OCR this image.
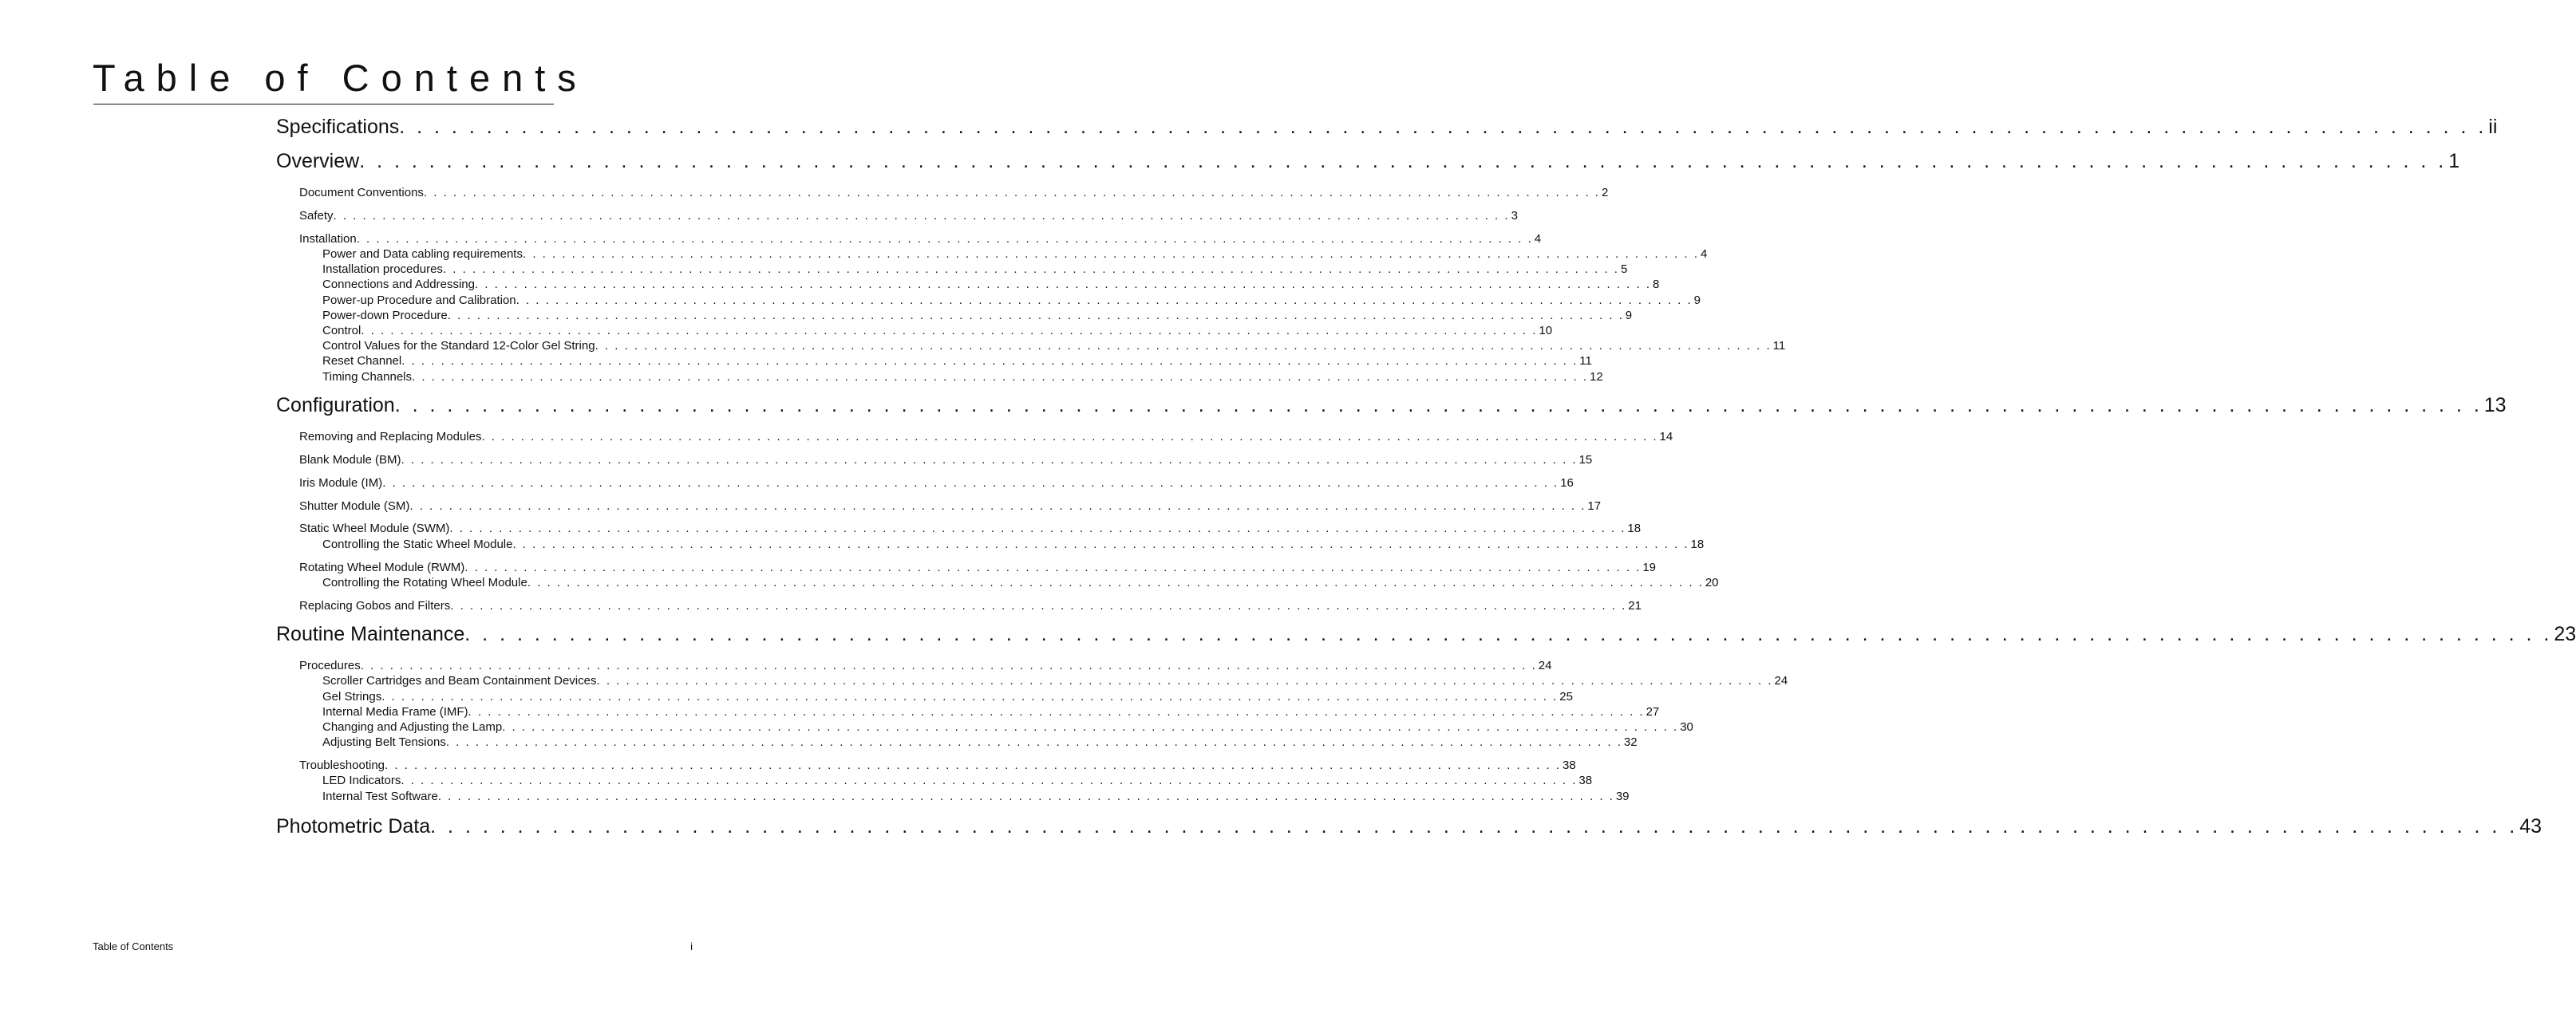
Table of Contents
Specifications . . . . . . . . . . . . . . . . . . . . . . . . . . . . . . . . . . . . . . . . . . . . . . . . . . . . . . . . . . . . . . . . . . . . . . . . . . . . . . . . . . . . . . . . . . . . . . . . . . . . . . . . . . . . . . . . . . . . . . . . ii
Overview . . . . . . . . . . . . . . . . . . . . . . . . . . . . . . . . . . . . . . . . . . . . . . . . . . . . . . . . . . . . . . . . . . . . . . . . . . . . . . . . . . . . . . . . . . . . . . . . . . . . . . . . . . . . . . . . . . . . . . . . 1
Document Conventions . . . . . . . . . . . . . . . . . . . . . . . . . . . . . . . . . . . . . . . . . . . . . . . . . . . . . . . . . . . . . . . . . . . . . . . . . . . . . . . . . . . . . . . . . . . . . . . . . . . . . . . . . . . . . . . . . . . . . . . . 2
Safety . . . . . . . . . . . . . . . . . . . . . . . . . . . . . . . . . . . . . . . . . . . . . . . . . . . . . . . . . . . . . . . . . . . . . . . . . . . . . . . . . . . . . . . . . . . . . . . . . . . . . . . . . . . . . . . . . . . . . . . . 3
Installation . . . . . . . . . . . . . . . . . . . . . . . . . . . . . . . . . . . . . . . . . . . . . . . . . . . . . . . . . . . . . . . . . . . . . . . . . . . . . . . . . . . . . . . . . . . . . . . . . . . . . . . . . . . . . . . . . . . . . . . . 4
Power and Data cabling requirements . . . . . . . . . . . . . . . . . . . . . . . . . . . . . . . . . . . . . . . . . . . . . . . . . . . . . . . . . . . . . . . . . . . . . . . . . . . . . . . . . . . . . . . . . . . . . . . . . . . . . . . . . . . . . . . . . . . . . . . . 4
Installation procedures . . . . . . . . . . . . . . . . . . . . . . . . . . . . . . . . . . . . . . . . . . . . . . . . . . . . . . . . . . . . . . . . . . . . . . . . . . . . . . . . . . . . . . . . . . . . . . . . . . . . . . . . . . . . . . . . . . . . . . . . 5
Connections and Addressing . . . . . . . . . . . . . . . . . . . . . . . . . . . . . . . . . . . . . . . . . . . . . . . . . . . . . . . . . . . . . . . . . . . . . . . . . . . . . . . . . . . . . . . . . . . . . . . . . . . . . . . . . . . . . . . . . . . . . . . . 8
Power-up Procedure and Calibration . . . . . . . . . . . . . . . . . . . . . . . . . . . . . . . . . . . . . . . . . . . . . . . . . . . . . . . . . . . . . . . . . . . . . . . . . . . . . . . . . . . . . . . . . . . . . . . . . . . . . . . . . . . . . . . . . . . . . . . . 9
Power-down Procedure . . . . . . . . . . . . . . . . . . . . . . . . . . . . . . . . . . . . . . . . . . . . . . . . . . . . . . . . . . . . . . . . . . . . . . . . . . . . . . . . . . . . . . . . . . . . . . . . . . . . . . . . . . . . . . . . . . . . . . . . 9
Control . . . . . . . . . . . . . . . . . . . . . . . . . . . . . . . . . . . . . . . . . . . . . . . . . . . . . . . . . . . . . . . . . . . . . . . . . . . . . . . . . . . . . . . . . . . . . . . . . . . . . . . . . . . . . . . . . . . . . . . . 10
Control Values for the Standard 12-Color Gel String . . . . . . . . . . . . . . . . . . . . . . . . . . . . . . . . . . . . . . . . . . . . . . . . . . . . . . . . . . . . . . . . . . . . . . . . . . . . . . . . . . . . . . . . . . . . . . . . . . . . . . . . . . . . . . . . . . . . . . . . 11
Reset Channel . . . . . . . . . . . . . . . . . . . . . . . . . . . . . . . . . . . . . . . . . . . . . . . . . . . . . . . . . . . . . . . . . . . . . . . . . . . . . . . . . . . . . . . . . . . . . . . . . . . . . . . . . . . . . . . . . . . . . . . . 11
Timing Channels . . . . . . . . . . . . . . . . . . . . . . . . . . . . . . . . . . . . . . . . . . . . . . . . . . . . . . . . . . . . . . . . . . . . . . . . . . . . . . . . . . . . . . . . . . . . . . . . . . . . . . . . . . . . . . . . . . . . . . . . 12
Configuration . . . . . . . . . . . . . . . . . . . . . . . . . . . . . . . . . . . . . . . . . . . . . . . . . . . . . . . . . . . . . . . . . . . . . . . . . . . . . . . . . . . . . . . . . . . . . . . . . . . . . . . . . . . . . . . . . . . . . . . . 13
Removing and Replacing Modules . . . . . . . . . . . . . . . . . . . . . . . . . . . . . . . . . . . . . . . . . . . . . . . . . . . . . . . . . . . . . . . . . . . . . . . . . . . . . . . . . . . . . . . . . . . . . . . . . . . . . . . . . . . . . . . . . . . . . . . . 14
Blank Module (BM) . . . . . . . . . . . . . . . . . . . . . . . . . . . . . . . . . . . . . . . . . . . . . . . . . . . . . . . . . . . . . . . . . . . . . . . . . . . . . . . . . . . . . . . . . . . . . . . . . . . . . . . . . . . . . . . . . . . . . . . . 15
Iris Module (IM) . . . . . . . . . . . . . . . . . . . . . . . . . . . . . . . . . . . . . . . . . . . . . . . . . . . . . . . . . . . . . . . . . . . . . . . . . . . . . . . . . . . . . . . . . . . . . . . . . . . . . . . . . . . . . . . . . . . . . . . . 16
Shutter Module (SM) . . . . . . . . . . . . . . . . . . . . . . . . . . . . . . . . . . . . . . . . . . . . . . . . . . . . . . . . . . . . . . . . . . . . . . . . . . . . . . . . . . . . . . . . . . . . . . . . . . . . . . . . . . . . . . . . . . . . . . . . 17
Static Wheel Module (SWM) . . . . . . . . . . . . . . . . . . . . . . . . . . . . . . . . . . . . . . . . . . . . . . . . . . . . . . . . . . . . . . . . . . . . . . . . . . . . . . . . . . . . . . . . . . . . . . . . . . . . . . . . . . . . . . . . . . . . . . . . 18
Controlling the Static Wheel Module . . . . . . . . . . . . . . . . . . . . . . . . . . . . . . . . . . . . . . . . . . . . . . . . . . . . . . . . . . . . . . . . . . . . . . . . . . . . . . . . . . . . . . . . . . . . . . . . . . . . . . . . . . . . . . . . . . . . . . . . 18
Rotating Wheel Module (RWM) . . . . . . . . . . . . . . . . . . . . . . . . . . . . . . . . . . . . . . . . . . . . . . . . . . . . . . . . . . . . . . . . . . . . . . . . . . . . . . . . . . . . . . . . . . . . . . . . . . . . . . . . . . . . . . . . . . . . . . . . 19
Controlling the Rotating Wheel Module . . . . . . . . . . . . . . . . . . . . . . . . . . . . . . . . . . . . . . . . . . . . . . . . . . . . . . . . . . . . . . . . . . . . . . . . . . . . . . . . . . . . . . . . . . . . . . . . . . . . . . . . . . . . . . . . . . . . . . . . 20
Replacing Gobos and Filters . . . . . . . . . . . . . . . . . . . . . . . . . . . . . . . . . . . . . . . . . . . . . . . . . . . . . . . . . . . . . . . . . . . . . . . . . . . . . . . . . . . . . . . . . . . . . . . . . . . . . . . . . . . . . . . . . . . . . . . . 21
Routine Maintenance . . . . . . . . . . . . . . . . . . . . . . . . . . . . . . . . . . . . . . . . . . . . . . . . . . . . . . . . . . . . . . . . . . . . . . . . . . . . . . . . . . . . . . . . . . . . . . . . . . . . . . . . . . . . . . . . . . . . . . . . 23
Procedures . . . . . . . . . . . . . . . . . . . . . . . . . . . . . . . . . . . . . . . . . . . . . . . . . . . . . . . . . . . . . . . . . . . . . . . . . . . . . . . . . . . . . . . . . . . . . . . . . . . . . . . . . . . . . . . . . . . . . . . . 24
Scroller Cartridges and Beam Containment Devices . . . . . . . . . . . . . . . . . . . . . . . . . . . . . . . . . . . . . . . . . . . . . . . . . . . . . . . . . . . . . . . . . . . . . . . . . . . . . . . . . . . . . . . . . . . . . . . . . . . . . . . . . . . . . . . . . . . . . . . . 24
Gel Strings . . . . . . . . . . . . . . . . . . . . . . . . . . . . . . . . . . . . . . . . . . . . . . . . . . . . . . . . . . . . . . . . . . . . . . . . . . . . . . . . . . . . . . . . . . . . . . . . . . . . . . . . . . . . . . . . . . . . . . . . 25
Internal Media Frame (IMF) . . . . . . . . . . . . . . . . . . . . . . . . . . . . . . . . . . . . . . . . . . . . . . . . . . . . . . . . . . . . . . . . . . . . . . . . . . . . . . . . . . . . . . . . . . . . . . . . . . . . . . . . . . . . . . . . . . . . . . . . 27
Changing and Adjusting the Lamp . . . . . . . . . . . . . . . . . . . . . . . . . . . . . . . . . . . . . . . . . . . . . . . . . . . . . . . . . . . . . . . . . . . . . . . . . . . . . . . . . . . . . . . . . . . . . . . . . . . . . . . . . . . . . . . . . . . . . . . . 30
Adjusting Belt Tensions . . . . . . . . . . . . . . . . . . . . . . . . . . . . . . . . . . . . . . . . . . . . . . . . . . . . . . . . . . . . . . . . . . . . . . . . . . . . . . . . . . . . . . . . . . . . . . . . . . . . . . . . . . . . . . . . . . . . . . . . 32
Troubleshooting . . . . . . . . . . . . . . . . . . . . . . . . . . . . . . . . . . . . . . . . . . . . . . . . . . . . . . . . . . . . . . . . . . . . . . . . . . . . . . . . . . . . . . . . . . . . . . . . . . . . . . . . . . . . . . . . . . . . . . . . 38
LED Indicators . . . . . . . . . . . . . . . . . . . . . . . . . . . . . . . . . . . . . . . . . . . . . . . . . . . . . . . . . . . . . . . . . . . . . . . . . . . . . . . . . . . . . . . . . . . . . . . . . . . . . . . . . . . . . . . . . . . . . . . . 38
Internal Test Software . . . . . . . . . . . . . . . . . . . . . . . . . . . . . . . . . . . . . . . . . . . . . . . . . . . . . . . . . . . . . . . . . . . . . . . . . . . . . . . . . . . . . . . . . . . . . . . . . . . . . . . . . . . . . . . . . . . . . . . . 39
Photometric Data . . . . . . . . . . . . . . . . . . . . . . . . . . . . . . . . . . . . . . . . . . . . . . . . . . . . . . . . . . . . . . . . . . . . . . . . . . . . . . . . . . . . . . . . . . . . . . . . . . . . . . . . . . . . . . . . . . . . . . . . 43
Table of Contents	i
